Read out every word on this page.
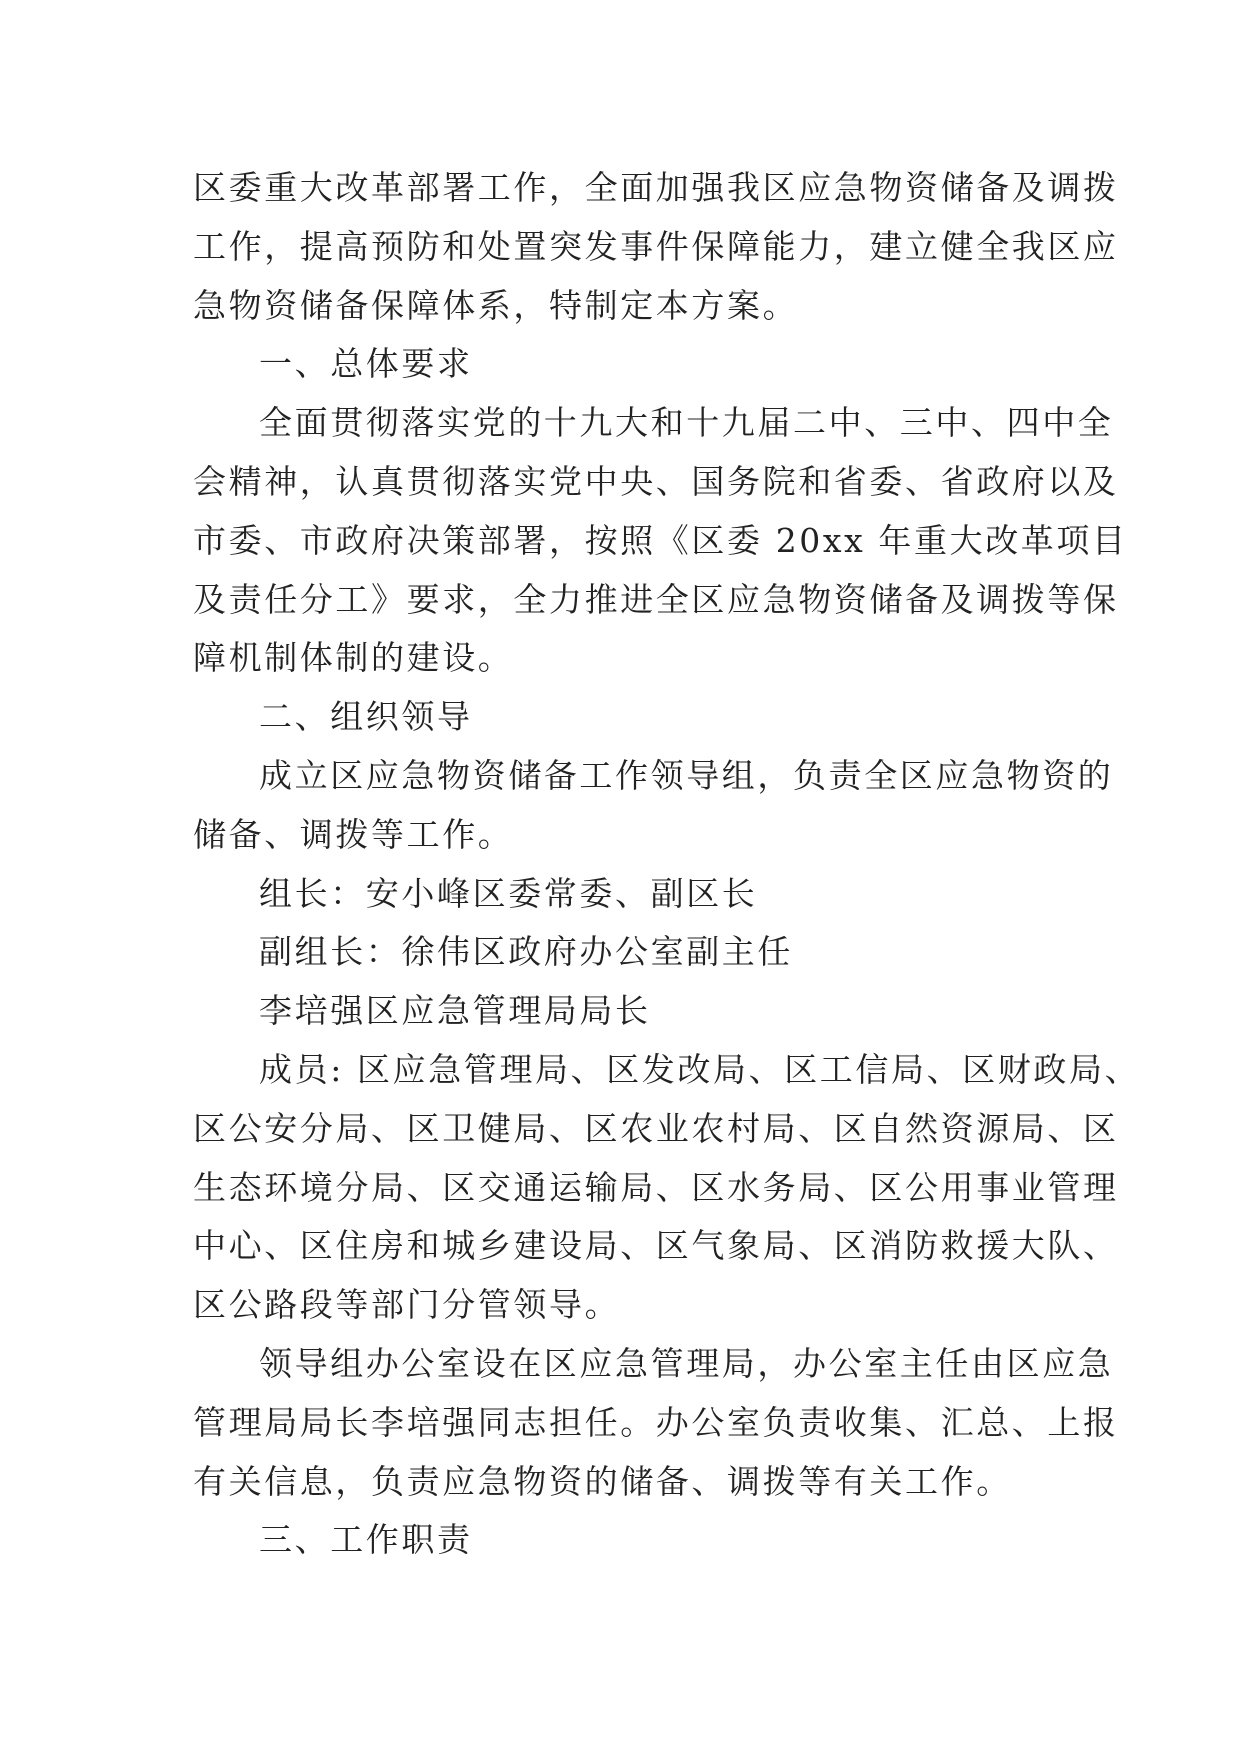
区委重大改革部署工作，全面加强我区应急物资储备及调拨
工作，提高预防和处置突发事件保障能力，建立健全我区应
急物资储备保障体系，特制定本方案。
一、总体要求
全面贯彻落实党的十九大和十九届二中、三中、四中全
会精神，认真贯彻落实党中央、国务院和省委、省政府以及
市委、市政府决策部署，按照《区委 20xx 年重大改革项目
及责任分工》要求，全力推进全区应急物资储备及调拨等保
障机制体制的建设。
二、组织领导
成立区应急物资储备工作领导组，负责全区应急物资的
储备、调拨等工作。
组长：安小峰区委常委、副区长
副组长：徐伟区政府办公室副主任
李培强区应急管理局局长
成员: 区应急管理局、区发改局、区工信局、区财政局、
区公安分局、区卫健局、区农业农村局、区自然资源局、区
生态环境分局、区交通运输局、区水务局、区公用事业管理
中心、区住房和城乡建设局、区气象局、区消防救援大队、
区公路段等部门分管领导。
领导组办公室设在区应急管理局，办公室主任由区应急
管理局局长李培强同志担任。办公室负责收集、汇总、上报
有关信息，负责应急物资的储备、调拨等有关工作。
三、工作职责
